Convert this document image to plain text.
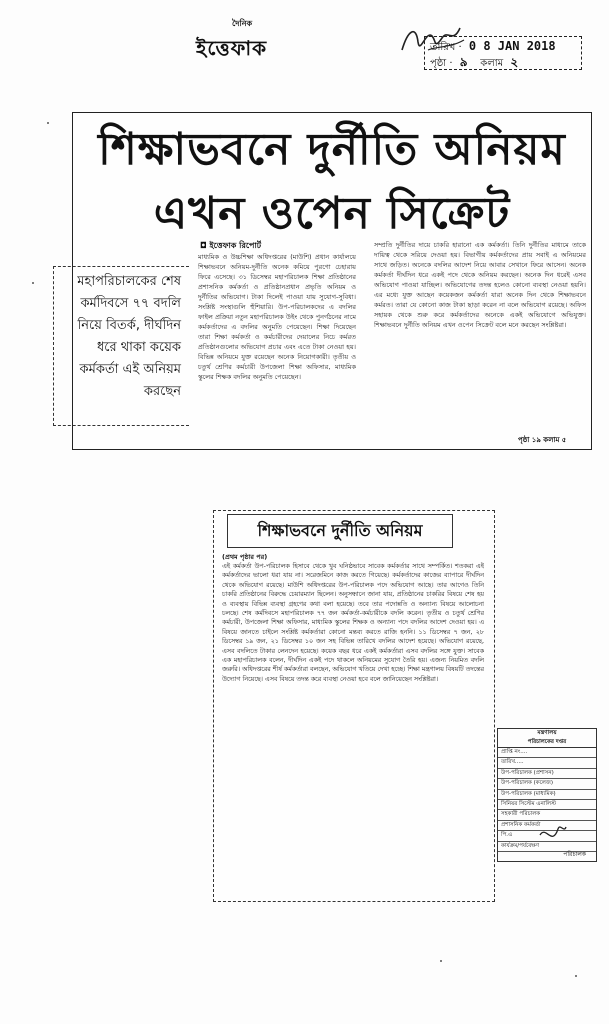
দৈনিক
ইত্তেফাক	তারিখ · 0 8 JAN 2018
পৃষ্ঠা · ৯ কলাম ২
শিক্ষাভবনে দুর্নীতি অনিয়ম
এখন ওপেন সিক্রেট
মহাপরিচালকের শেষ কর্মদিবসে ৭৭ বদলি নিয়ে বিতর্ক, দীর্ঘদিন ধরে থাকা কয়েক কর্মকর্তা এই অনিয়ম করছেন
◘ ইত্তেফাক রিপোর্ট
মাধ্যমিক ও উচ্চশিক্ষা অধিদপ্তরের (মাউশি) প্রধান কার্যালয়ে শিক্ষাভবনে অনিয়ম-দুর্নীতি অনেক কমিয়ে পুরণো চেহারায় ফিরে এসেছে। ৩১ ডিসেম্বর মহাপরিচালক শিক্ষা প্রতিষ্ঠানের প্রশাসনিক কর্মকর্তা ও প্রতিষ্ঠানপ্রধান প্রভৃতি অনিয়ম ও দুর্নীতির অভিযোগ। টাকা দিলেই পাওয়া যায় সুযোগ-সুবিধা। সংশ্লিষ্ট সংস্থাগুলি হুঁশিয়ারি। উপ-পরিচালকদের এ বদলির ফাইল প্রক্রিয়া নতুন মহাপরিচালক উইং থেকে পুনর্গঠনের নামে কর্মকর্তাদের এ বদলির অনুমতি পেয়েছেন। শিক্ষা দিয়েছেন তারা শিক্ষা কর্মকর্তা ও কর্মচারীদের দেয়ালের নিচে কর্মরত প্রতিষ্ঠানগুলোর অভিযোগ প্রচার এবং এতে টাকা নেওয়া হয়। বিভিন্ন অনিয়মে যুক্ত রয়েছেন অনেক নিয়োগকারী। তৃতীয় ও চতুর্থ শ্রেণির কর্মচারী উপজেলা শিক্ষা অফিসার, মাধ্যমিক স্কুলের শিক্ষক বদলির অনুমতি পেয়েছেন।
সম্প্রতি দুর্নীতির দায়ে চাকরি হারানো এক কর্মকর্তা। তিনি দুর্নীতির মাধ্যমে তাকে দায়িত্ব থেকে সরিয়ে দেওয়া হয়। বিভাগীয় কর্মকর্তাদের প্রায় সবাই এ অনিয়মের সাথে জড়িত। অনেকে বদলির আদেশ নিয়ে আবার সেখানে ফিরে আসেন। অনেক কর্মকর্তা দীর্ঘদিন ধরে একই পদে থেকে অনিয়ম করছেন। অনেক দিন ধরেই এসব অভিযোগ পাওয়া যাচ্ছিল। অভিযোগের তদন্ত হলেও কোনো ব্যবস্থা নেওয়া হয়নি। এর মধ্যে যুক্ত আছেন কয়েকজন কর্মকর্তা যারা অনেক দিন থেকে শিক্ষাভবনে কর্মরত। তারা যে কোনো কাজ টাকা ছাড়া করেন না বলে অভিযোগ রয়েছে। অফিস সহায়ক থেকে শুরু করে কর্মকর্তাদের অনেকে একই অভিযোগে অভিযুক্ত। শিক্ষাভবনে দুর্নীতি অনিয়ম এখন ওপেন সিক্রেট বলে মনে করছেন সংশ্লিষ্টরা।
পৃষ্ঠা ১৯ কলাম ৫
শিক্ষাভবনে দুর্নীতি অনিয়ম
(প্রথম পৃষ্ঠার পর)
এই কর্মকর্তা উপ-পরিচালক হিসাবে থেকে খুব ঘনিষ্ঠভাবে সাবেক কর্মকর্তার সাথে সম্পর্কিত। শতকরা এই কর্মকর্তাদের ভালো ধরা যায় না। সরেজমিনে কাজ করতে গিয়েছে। কর্মকর্তাদের কাজের ব্যাপারে দীর্ঘদিন থেকে অভিযোগ রয়েছে। মাউশি অধিদপ্তরের উপ-পরিচালক পদে অভিযোগ আছে। তার আগেও তিনি চাকরি প্রতিষ্ঠানের বিরুদ্ধে চেয়ারম্যান ছিলেন। অনুসন্ধানে জানা যায়, প্রতিষ্ঠানের চাকরির বিষয়ে শেষ হয় ও ব্যবস্থায় বিভিন্ন ব্যবস্থা গ্রহণের কথা বলা হয়েছে। তবে তার পদোন্নতি ও অন্যান্য বিষয়ে আলোচনা চলছে। শেষ কর্মদিবসে মহাপরিচালক ৭৭ জন কর্মকর্তা-কর্মচারীকে বদলি করেন। তৃতীয় ও চতুর্থ শ্রেণির কর্মচারী, উপজেলা শিক্ষা অফিসার, মাধ্যমিক স্কুলের শিক্ষক ও অন্যান্য পদে বদলির আদেশ দেওয়া হয়। এ বিষয়ে জানতে চাইলে সংশ্লিষ্ট কর্মকর্তারা কোনো মন্তব্য করতে রাজি হননি। ১১ ডিসেম্বর ৭ জন, ২৮ ডিসেম্বর ১৯ জন, ২১ ডিসেম্বর ১০ জন সহ বিভিন্ন তারিখে বদলির আদেশ হয়েছে। অভিযোগ রয়েছে, এসব বদলিতে টাকার লেনদেন হয়েছে। কয়েক বছর ধরে একই কর্মকর্তারা এসব বদলির সঙ্গে যুক্ত। সাবেক এক মহাপরিচালক বলেন, দীর্ঘদিন একই পদে থাকলে অনিয়মের সুযোগ তৈরি হয়। এজন্য নিয়মিত বদলি জরুরি। অধিদপ্তরের শীর্ষ কর্মকর্তারা বলছেন, অভিযোগ খতিয়ে দেখা হচ্ছে। শিক্ষা মন্ত্রণালয় বিষয়টি তদন্তের উদ্যোগ নিয়েছে। এসব বিষয়ে তদন্ত করে ব্যবস্থা নেওয়া হবে বলে জানিয়েছেন সংশ্লিষ্টরা।
মন্ত্রণালয়
পরিচালকের দপ্তর
প্রাপ্তি নং....
তারিখ.....
উপ-পরিচালক (প্রশাসন)
উপ-পরিচালক (কলেজ)
উপ-পরিচালক (মাধ্যমিক)
সিনিয়র সিস্টেম এনালিস্ট
সহকারী পরিচালক
প্রশাসনিক কর্মকর্তা
পি.এ
কার্যক্রম/পর্যবেক্ষণ
পরিচালক
